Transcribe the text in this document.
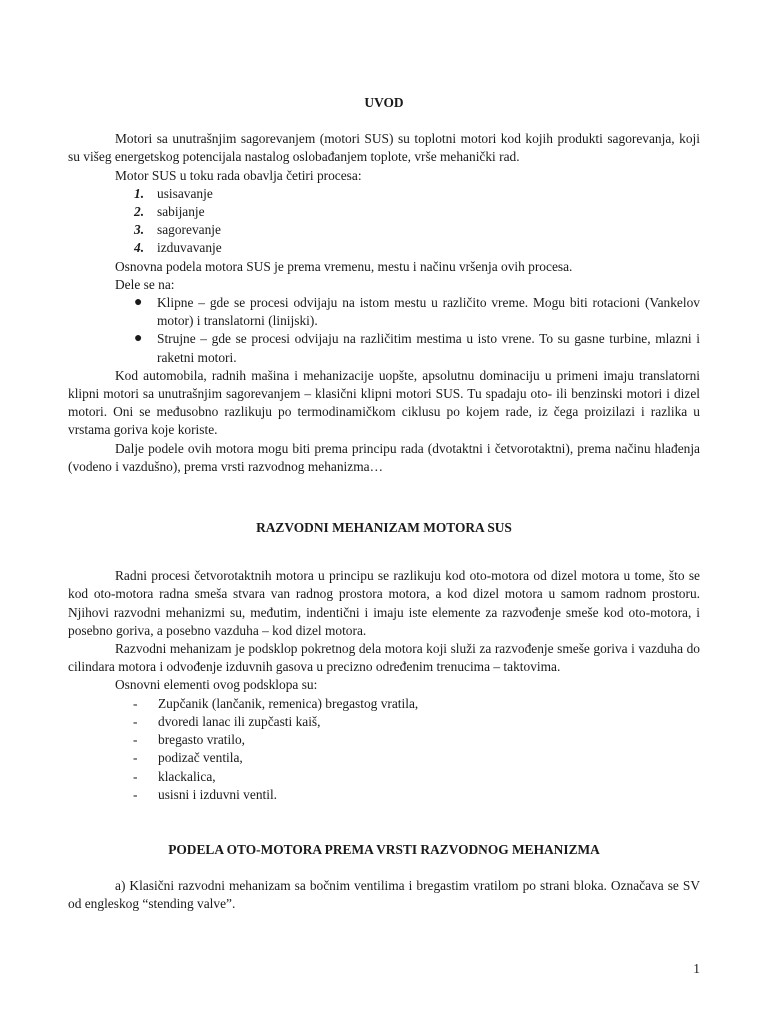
UVOD

Motori sa unutrašnjim sagorevanjem (motori SUS) su toplotni motori kod kojih produkti sagorevanja, koji su višeg energetskog potencijala nastalog oslobađanjem toplote, vrše mehanički rad.

Motor SUS u toku rada obavlja četiri procesa:

1. usisavanje
2. sabijanje
3. sagorevanje
4. izduvavanje

Osnovna podela motora SUS je prema vremenu, mestu i načinu vršenja ovih procesa.

Dele se na:

● Klipne – gde se procesi odvijaju na istom mestu u različito vreme. Mogu biti rotacioni (Vankelov motor) i translatorni (linijski).
● Strujne – gde se procesi odvijaju na različitim mestima u isto vrene. To su gasne turbine, mlazni i raketni motori.

Kod automobila, radnih mašina i mehanizacije uopšte, apsolutnu dominaciju u primeni imaju translatorni klipni motori sa unutrašnjim sagorevanjem – klasični klipni motori SUS. Tu spadaju oto- ili benzinski motori i dizel motori. Oni se međusobno razlikuju po termodinamičkom ciklusu po kojem rade, iz čega proizilazi i razlika u vrstama goriva koje koriste.

Dalje podele ovih motora mogu biti prema principu rada (dvotaktni i četvorotaktni), prema načinu hlađenja (vodeno i vazdušno), prema vrsti razvodnog mehanizma…

RAZVODNI MEHANIZAM MOTORA SUS

Radni procesi četvorotaktnih motora u principu se razlikuju kod oto-motora od dizel motora u tome, što se kod oto-motora radna smeša stvara van radnog prostora motora, a kod dizel motora u samom radnom prostoru. Njihovi razvodni mehanizmi su, međutim, indentični i imaju iste elemente za razvođenje smeše kod oto-motora, i posebno goriva, a posebno vazduha – kod dizel motora.

Razvodni mehanizam je podsklop pokretnog dela motora koji služi za razvođenje smeše goriva i vazduha do cilindara motora i odvođenje izduvnih gasova u precizno određenim trenucima – taktovima.

Osnovni elementi ovog podsklopa su:

- Zupčanik (lančanik, remenica) bregastog vratila,
- dvoredi lanac ili zupčasti kaiš,
- bregasto vratilo,
- podizač ventila,
- klackalica,
- usisni i izduvni ventil.

PODELA OTO-MOTORA PREMA VRSTI RAZVODNOG MEHANIZMA

a) Klasični razvodni mehanizam sa bočnim ventilima i bregastim vratilom po strani bloka. Označava se SV od engleskog “stending valve”.

1
